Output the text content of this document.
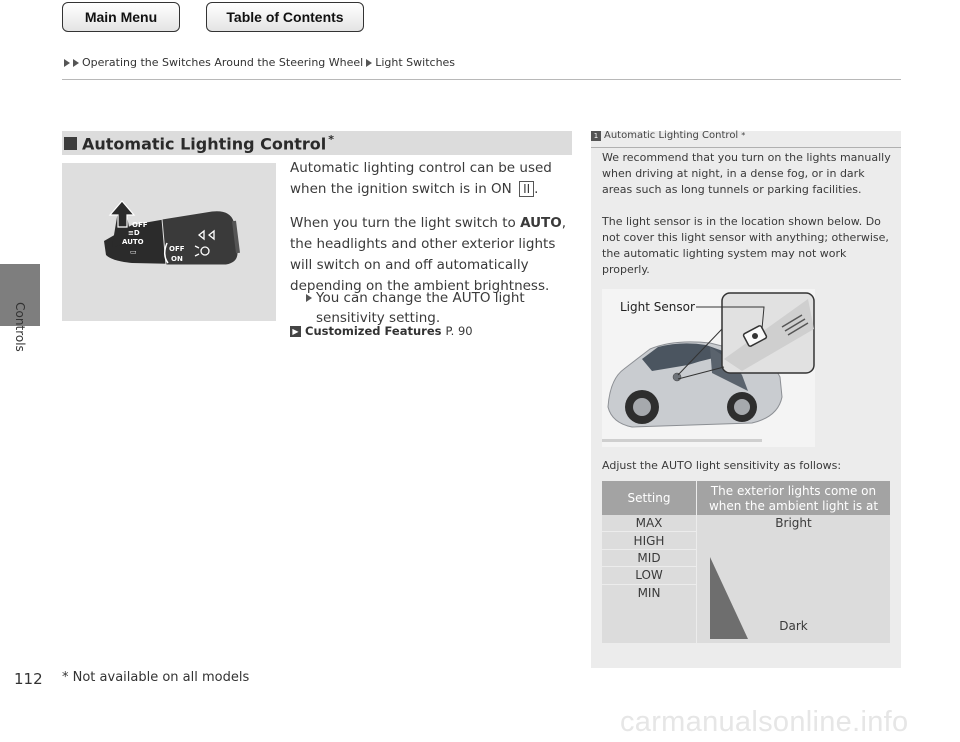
Main Menu	Table of Contents
Operating the Switches Around the Steering Wheel Light Switches
Controls
Automatic Lighting Control *
OFF
≡D
AUTO
▭	OFF
ON
Automatic lighting control can be used when the ignition switch is in ON II .
When you turn the light switch to AUTO, the headlights and other exterior lights will switch on and off automatically depending on the ambient brightness.
You can change the AUTO light sensitivity setting.
▶ Customized Features P. 90
1 Automatic Lighting Control *
We recommend that you turn on the lights manually when driving at night, in a dense fog, or in dark areas such as long tunnels or parking facilities.
The light sensor is in the location shown below. Do not cover this light sensor with anything; otherwise, the automatic lighting system may not work properly.
Light Sensor
Adjust the AUTO light sensitivity as follows:
Setting
The exterior lights come on when the ambient light is at
MAX
HIGH
MID
LOW
MIN
Bright
Dark
112 * Not available on all models
carmanualsonline.info
